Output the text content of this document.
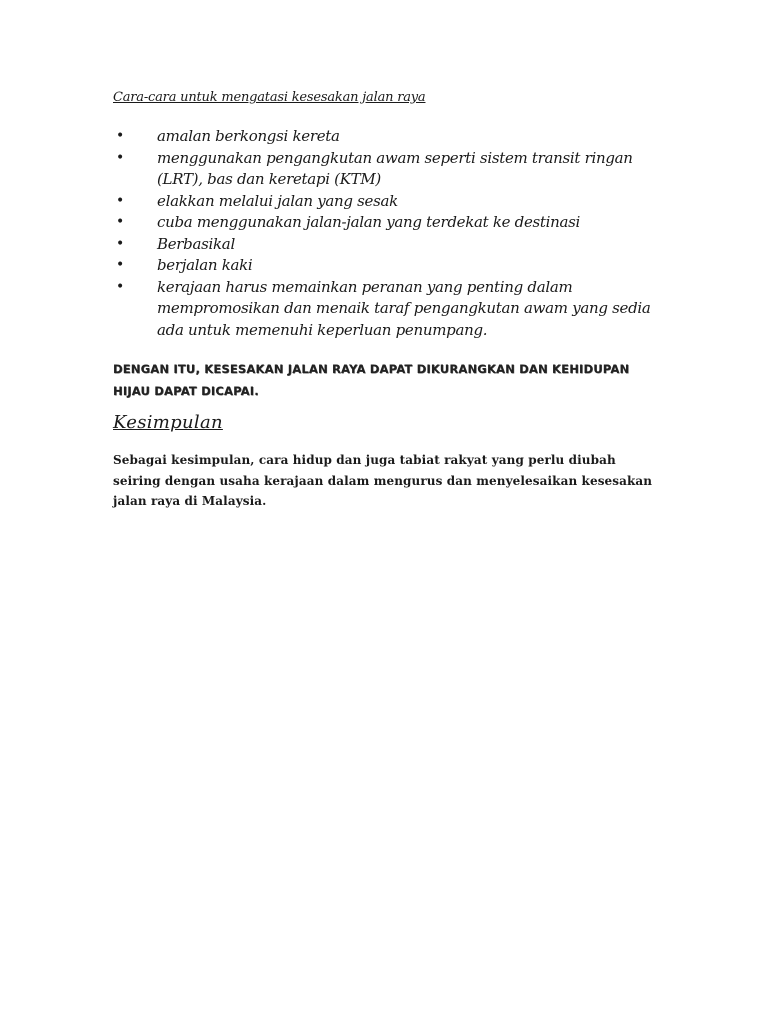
Cara-cara untuk mengatasi kesesakan jalan raya
• amalan berkongsi kereta
• menggunakan pengangkutan awam seperti sistem transit ringan (LRT), bas dan keretapi (KTM)
• elakkan melalui jalan yang sesak
• cuba menggunakan jalan-jalan yang terdekat ke destinasi
• Berbasikal
• berjalan kaki
• kerajaan harus memainkan peranan yang penting dalam mempromosikan dan menaik taraf pengangkutan awam yang sedia ada untuk memenuhi keperluan penumpang.
DENGAN ITU, KESESAKAN JALAN RAYA DAPAT DIKURANGKAN DAN KEHIDUPAN HIJAU DAPAT DICAPAI.
Kesimpulan
Sebagai kesimpulan, cara hidup dan juga tabiat rakyat yang perlu diubah seiring dengan usaha kerajaan dalam mengurus dan menyelesaikan kesesakan jalan raya di Malaysia.
